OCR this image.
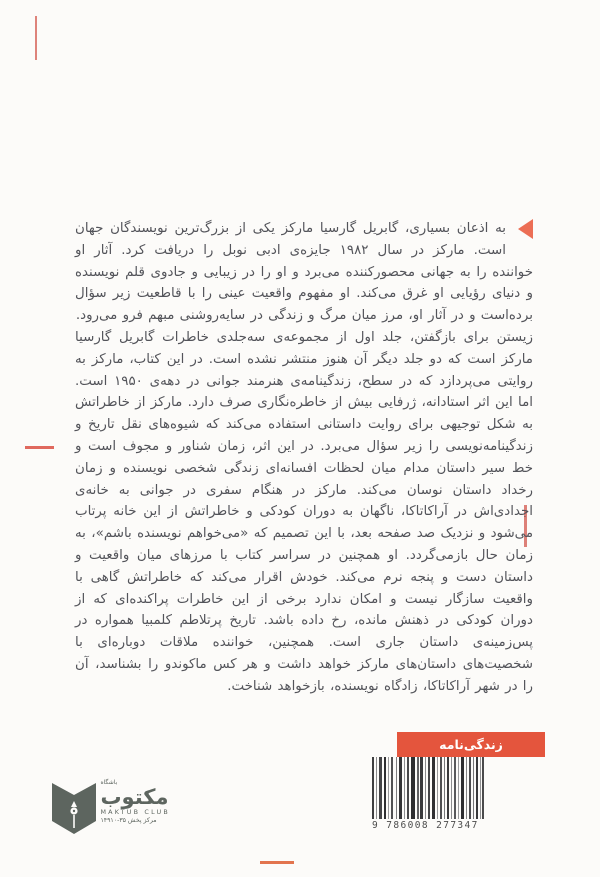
به اذعان بسیاری، گابریل گارسیا مارکز یکی از بزرگ‌ترین نویسندگان جهان است. مارکز در سال ۱۹۸۲ جایزه‌ی ادبی نوبل را دریافت کرد. آثار او خواننده را به جهانی محصورکننده می‌برد و او را در زیبایی و جادوی قلم نویسنده و دنیای رؤیایی او غرق می‌کند. او مفهوم واقعیت عینی را با قاطعیت زیر سؤال برده‌است و در آثار او، مرز میان مرگ و زندگی در سایه‌روشنی مبهم فرو می‌رود.

زیستن برای بازگفتن، جلد اول از مجموعه‌ی سه‌جلدی خاطرات گابریل گارسیا مارکز است که دو جلد دیگر آن هنوز منتشر نشده است. در این کتاب، مارکز به روایتی می‌پردازد که در سطح، زندگینامه‌ی هنرمند جوانی در دهه‌ی ۱۹۵۰ است. اما این اثر استادانه، ژرفایی بیش از خاطره‌نگاری صرف دارد. مارکز از خاطراتش به شکل توجیهی برای روایت داستانی استفاده می‌کند که شیوه‌های نقل تاریخ و زندگینامه‌نویسی را زیر سؤال می‌برد. در این اثر، زمان شناور و مجوف است و خط سیر داستان مدام میان لحظات افسانه‌ای زندگی شخصی نویسنده و زمان رخداد داستان نوسان می‌کند. مارکز در هنگام سفری در جوانی به خانه‌ی اجدادی‌اش در آراکاتاکا، ناگهان به دوران کودکی و خاطراتش از این خانه پرتاب می‌شود و نزدیک صد صفحه بعد، با این تصمیم که «می‌خواهم نویسنده باشم»، به زمان حال بازمی‌گردد. او همچنین در سراسر کتاب با مرزهای میان واقعیت و داستان دست و پنجه نرم می‌کند. خودش اقرار می‌کند که خاطراتش گاهی با واقعیت سازگار نیست و امکان ندارد برخی از این خاطرات پراکنده‌ای که از دوران کودکی در ذهنش مانده، رخ داده باشد. تاریخ پرتلاطم کلمبیا همواره در پس‌زمینه‌ی داستان جاری است. همچنین، خواننده ملاقات دوباره‌ای با شخصیت‌های داستان‌های مارکز خواهد داشت و هر کس ماکوندو را بشناسد، آن را در شهر آراکاتاکا، زادگاه نویسنده، بازخواهد شناخت.

زندگی‌نامه
9 786008 277347
باشگاه
مکتوب
MAKTUB CLUB
مرکز پخش ۳۵-۱۴۹۱۰
